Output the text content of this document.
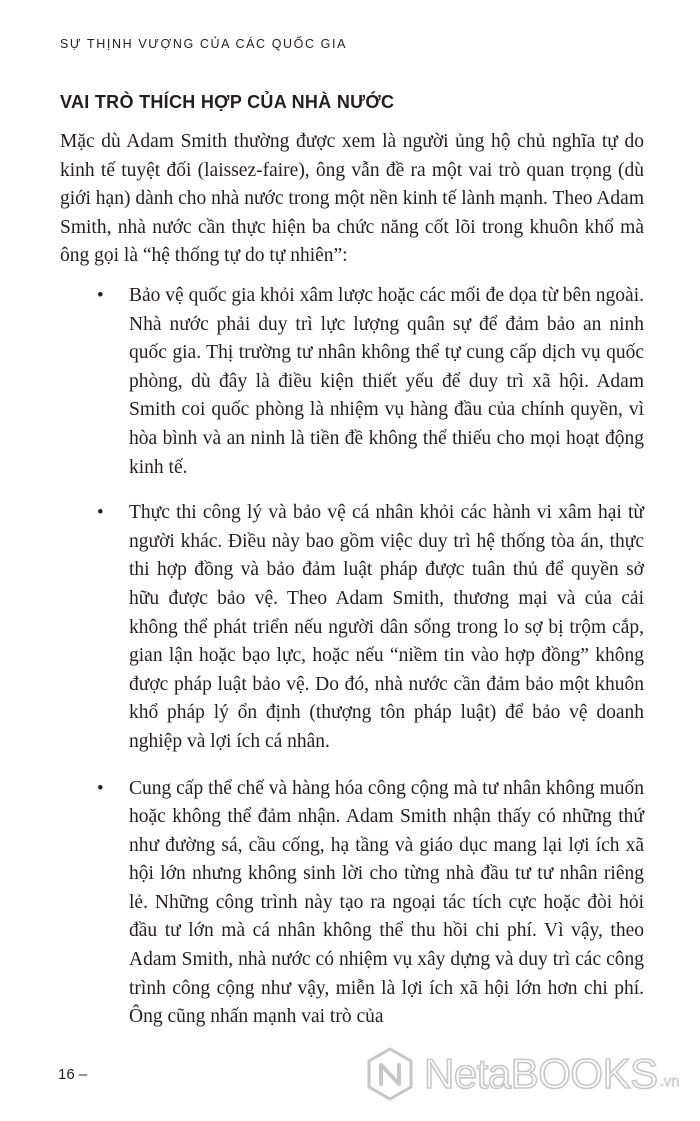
SỰ THỊNH VƯỢNG CỦA CÁC QUỐC GIA
VAI TRÒ THÍCH HỢP CỦA NHÀ NƯỚC

Mặc dù Adam Smith thường được xem là người ủng hộ chủ nghĩa tự do kinh tế tuyệt đối (laissez-faire), ông vẫn đề ra một vai trò quan trọng (dù giới hạn) dành cho nhà nước trong một nền kinh tế lành mạnh. Theo Adam Smith, nhà nước cần thực hiện ba chức năng cốt lõi trong khuôn khổ mà ông gọi là “hệ thống tự do tự nhiên”:

• Bảo vệ quốc gia khỏi xâm lược hoặc các mối đe dọa từ bên ngoài. Nhà nước phải duy trì lực lượng quân sự để đảm bảo an ninh quốc gia. Thị trường tư nhân không thể tự cung cấp dịch vụ quốc phòng, dù đây là điều kiện thiết yếu để duy trì xã hội. Adam Smith coi quốc phòng là nhiệm vụ hàng đầu của chính quyền, vì hòa bình và an ninh là tiền đề không thể thiếu cho mọi hoạt động kinh tế.

• Thực thi công lý và bảo vệ cá nhân khỏi các hành vi xâm hại từ người khác. Điều này bao gồm việc duy trì hệ thống tòa án, thực thi hợp đồng và bảo đảm luật pháp được tuân thủ để quyền sở hữu được bảo vệ. Theo Adam Smith, thương mại và của cải không thể phát triển nếu người dân sống trong lo sợ bị trộm cắp, gian lận hoặc bạo lực, hoặc nếu “niềm tin vào hợp đồng” không được pháp luật bảo vệ. Do đó, nhà nước cần đảm bảo một khuôn khổ pháp lý ổn định (thượng tôn pháp luật) để bảo vệ doanh nghiệp và lợi ích cá nhân.

• Cung cấp thể chế và hàng hóa công cộng mà tư nhân không muốn hoặc không thể đảm nhận. Adam Smith nhận thấy có những thứ như đường sá, cầu cống, hạ tầng và giáo dục mang lại lợi ích xã hội lớn nhưng không sinh lời cho từng nhà đầu tư tư nhân riêng lẻ. Những công trình này tạo ra ngoại tác tích cực hoặc đòi hỏi đầu tư lớn mà cá nhân không thể thu hồi chi phí. Vì vậy, theo Adam Smith, nhà nước có nhiệm vụ xây dựng và duy trì các công trình công cộng như vậy, miễn là lợi ích xã hội lớn hơn chi phí. Ông cũng nhấn mạnh vai trò của

16 –	NetaBOOKS .vn
